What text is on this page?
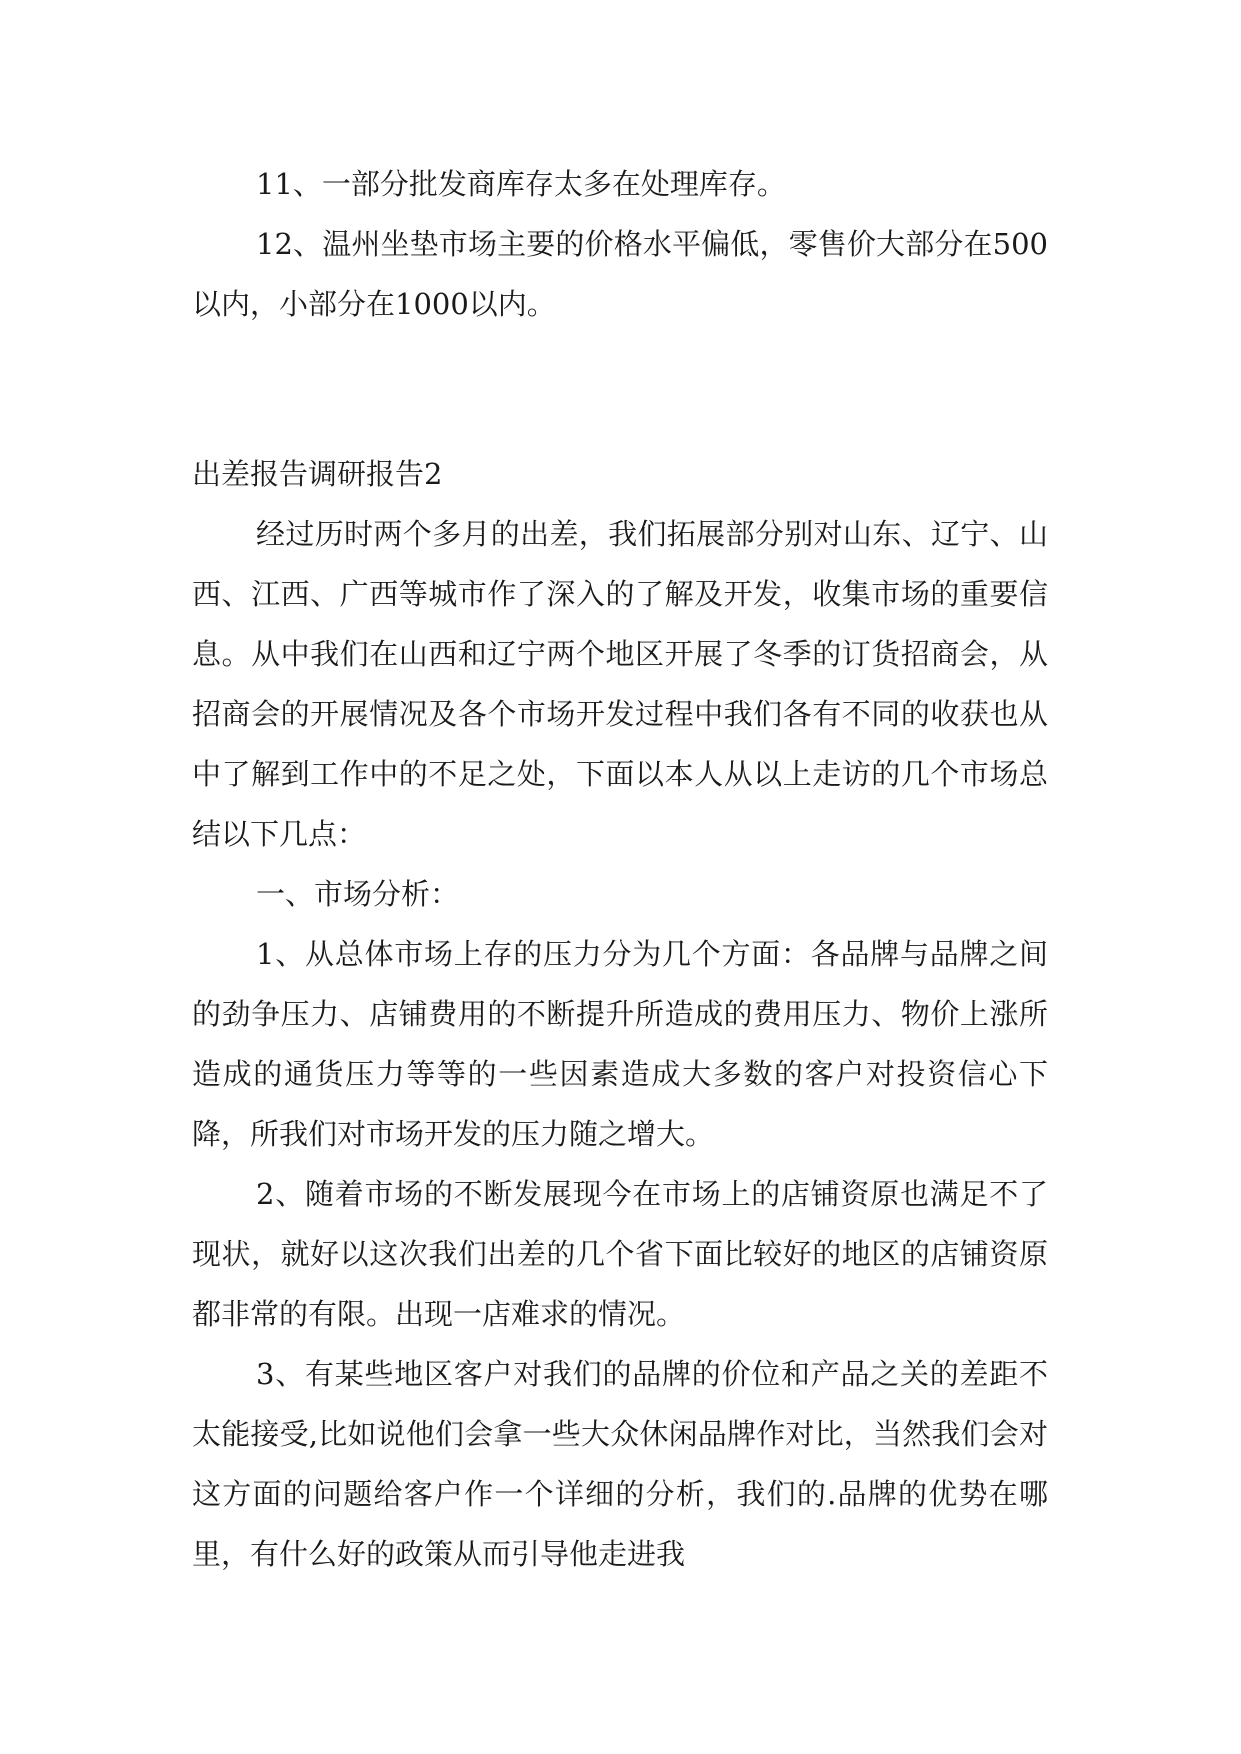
11、一部分批发商库存太多在处理库存。

12、温州坐垫市场主要的价格水平偏低，零售价大部分在500以内，小部分在1000以内。

出差报告调研报告2

经过历时两个多月的出差，我们拓展部分别对山东、辽宁、山西、江西、广西等城市作了深入的了解及开发，收集市场的重要信息。从中我们在山西和辽宁两个地区开展了冬季的订货招商会，从招商会的开展情况及各个市场开发过程中我们各有不同的收获也从中了解到工作中的不足之处，下面以本人从以上走访的几个市场总结以下几点：

一、市场分析：

1、从总体市场上存的压力分为几个方面：各品牌与品牌之间的劲争压力、店铺费用的不断提升所造成的费用压力、物价上涨所造成的通货压力等等的一些因素造成大多数的客户对投资信心下降，所我们对市场开发的压力随之增大。

2、随着市场的不断发展现今在市场上的店铺资原也满足不了现状，就好以这次我们出差的几个省下面比较好的地区的店铺资原都非常的有限。出现一店难求的情况。

3、有某些地区客户对我们的品牌的价位和产品之关的差距不太能接受,比如说他们会拿一些大众休闲品牌作对比，当然我们会对这方面的问题给客户作一个详细的分析，我们的.品牌的优势在哪里，有什么好的政策从而引导他走进我
